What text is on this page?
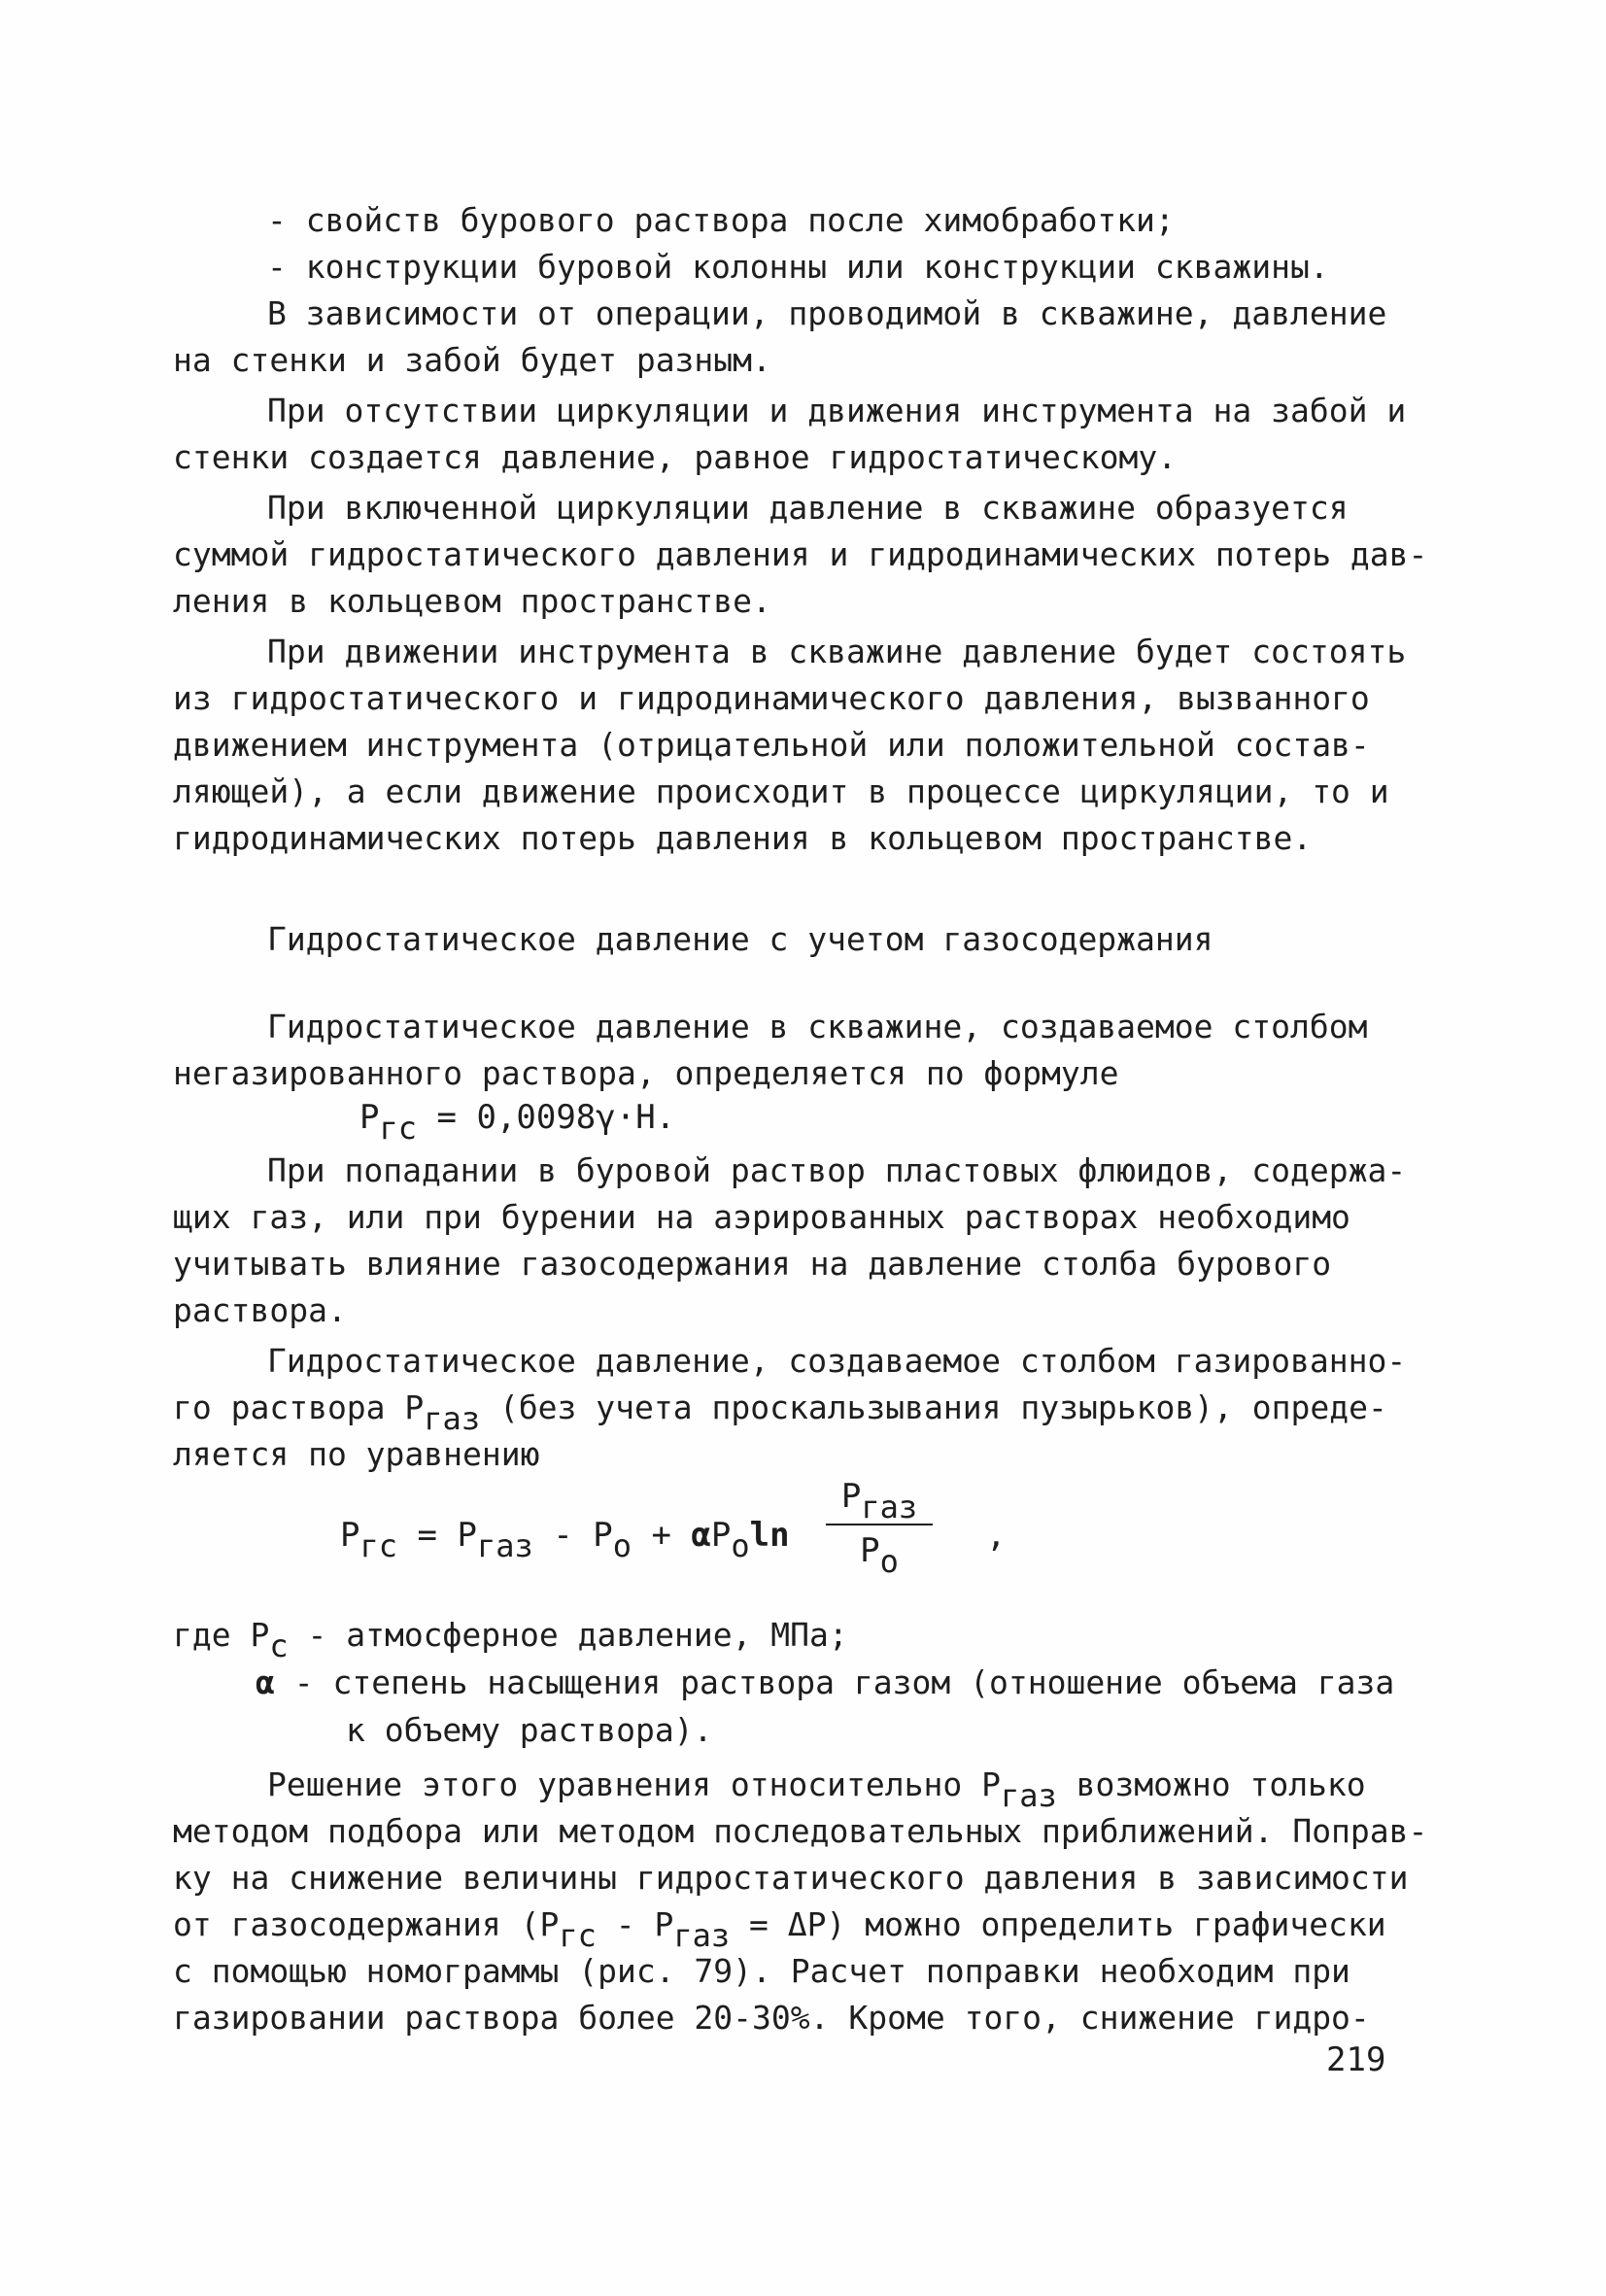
- свойств бурового раствора после химобработки;
- конструкции буровой колонны или конструкции скважины.
В зависимости от операции, проводимой в скважине, давление
на стенки и забой будет разным.
При отсутствии циркуляции и движения инструмента на забой и
стенки создается давление, равное гидростатическому.
При включенной циркуляции давление в скважине образуется
суммой гидростатического давления и гидродинамических потерь дав-
ления в кольцевом пространстве.
При движении инструмента в скважине давление будет состоять
из гидростатического и гидродинамического давления, вызванного
движением инструмента (отрицательной или положительной состав-
ляющей), а если движение происходит в процессе циркуляции, то и
гидродинамических потерь давления в кольцевом пространстве.
Гидростатическое давление с учетом газосодержания
Гидростатическое давление в скважине, создаваемое столбом
негазированного раствора, определяется по формуле
$P_{гс} = 0,0098\gamma\cdot H$.
При попадании в буровой раствор пластовых флюидов, содержа-
щих газ, или при бурении на аэрированных растворах необходимо
учитывать влияние газосодержания на давление столба бурового
раствора.
Гидростатическое давление, создаваемое столбом газированно-
го раствора $P_{газ}$ (без учета проскальзывания пузырьков), опреде-
ляется по уравнению
$P_{гс} = P_{газ} - P_о + \alpha P_о\ln$
$P_{газ}$
$P_о$
,
где $P_с$ - атмосферное давление, МПа;
α - степень насыщения раствора газом (отношение объема газа
к объему раствора).
Решение этого уравнения относительно $P_{газ}$ возможно только
методом подбора или методом последовательных приближений. Поправ-
ку на снижение величины гидростатического давления в зависимости
от газосодержания $(P_{гс} - P_{газ} = \Delta P)$ можно определить графически
с помощью номограммы (рис. 79). Расчет поправки необходим при
газировании раствора более 20-30%. Кроме того, снижение гидро-
219
